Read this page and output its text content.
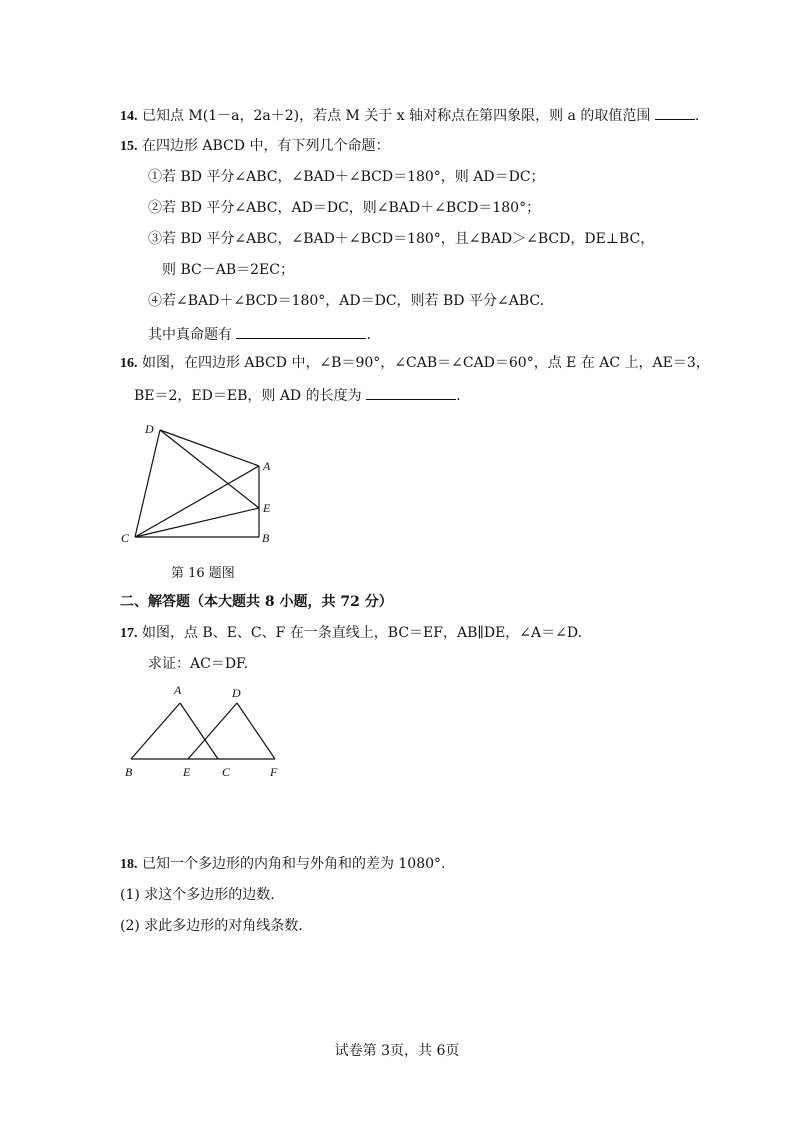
14. 已知点 M(1－a，2a＋2)，若点 M 关于 x 轴对称点在第四象限，则 a 的取值范围	.
15. 在四边形 ABCD 中，有下列几个命题：
①若 BD 平分∠ABC，∠BAD＋∠BCD＝180°，则 AD＝DC；
②若 BD 平分∠ABC，AD＝DC，则∠BAD＋∠BCD＝180°；
③若 BD 平分∠ABC，∠BAD＋∠BCD＝180°，且∠BAD＞∠BCD，DE⊥BC，
则 BC－AB＝2EC；
④若∠BAD＋∠BCD＝180°，AD＝DC，则若 BD 平分∠ABC.
其中真命题有	.
16. 如图，在四边形 ABCD 中，∠B＝90°，∠CAB＝∠CAD＝60°，点 E 在 AC 上，AE＝3，
BE＝2，ED＝EB，则 AD 的长度为	.
D
A
E
C	B
第 16 题图
二、解答题（本大题共 8 小题，共 72 分）
17. 如图，点 B、E、C、F 在一条直线上，BC＝EF，AB∥DE，∠A＝∠D.
求证：AC＝DF.
A	D
B	E	C	F
18. 已知一个多边形的内角和与外角和的差为 1080°.
(1) 求这个多边形的边数.
(2) 求此多边形的对角线条数.
试卷第 3页，共 6页
